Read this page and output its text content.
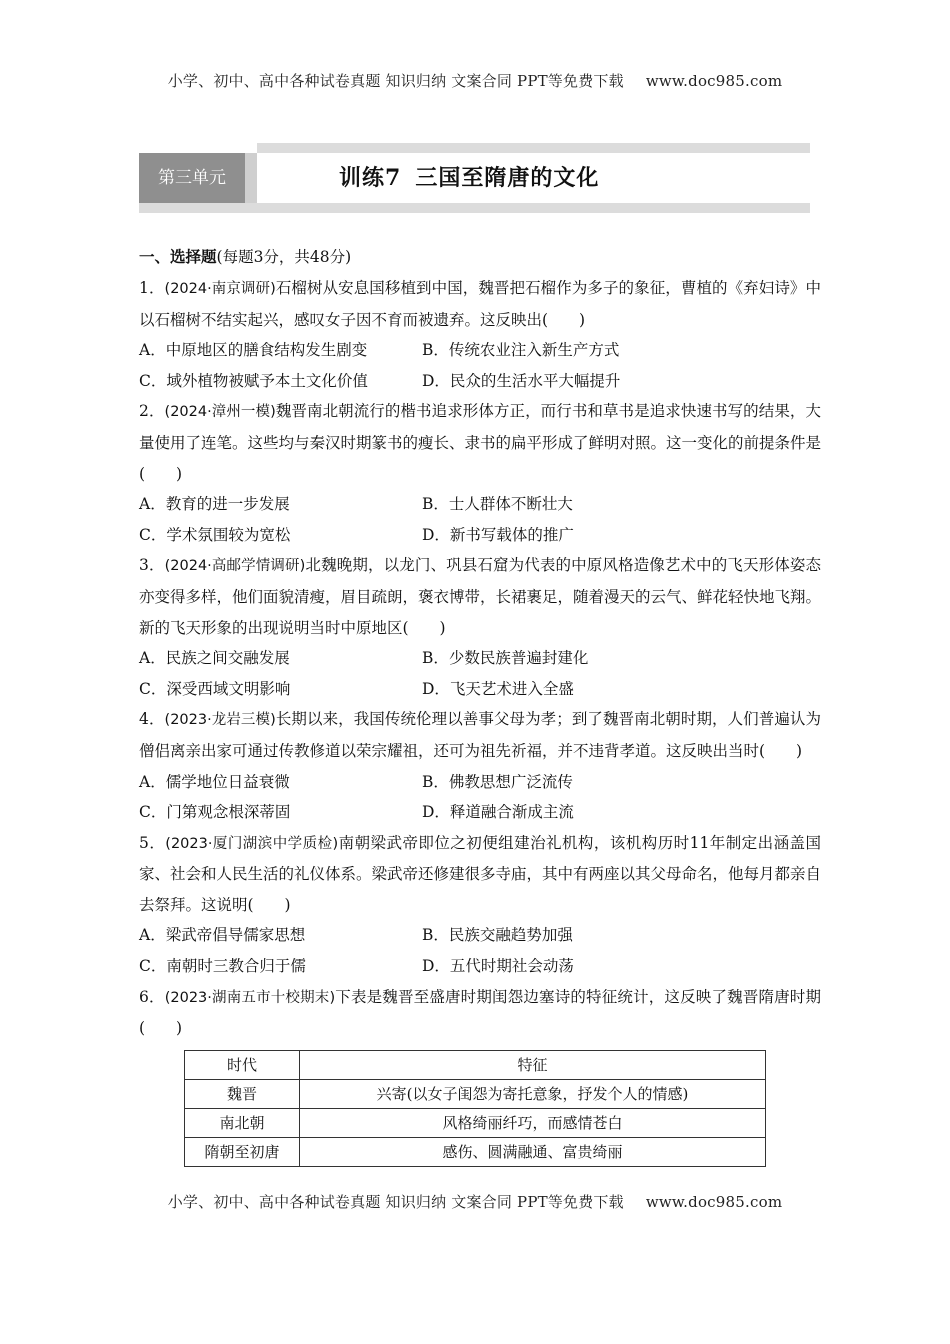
小学、初中、高中各种试卷真题 知识归纳 文案合同 PPT等免费下载 www.doc985.com
第三单元	训练7 三国至隋唐的文化
一、选择题(每题3分，共48分)
1．(2024·南京调研)石榴树从安息国移植到中国，魏晋把石榴作为多子的象征，曹植的《弃妇诗》中以石榴树不结实起兴，感叹女子因不育而被遗弃。这反映出(　　)
A．中原地区的膳食结构发生剧变	B．传统农业注入新生产方式
C．域外植物被赋予本土文化价值	D．民众的生活水平大幅提升
2．(2024·漳州一模)魏晋南北朝流行的楷书追求形体方正，而行书和草书是追求快速书写的结果，大量使用了连笔。这些均与秦汉时期篆书的瘦长、隶书的扁平形成了鲜明对照。这一变化的前提条件是(　　)
A．教育的进一步发展	B．士人群体不断壮大
C．学术氛围较为宽松	D．新书写载体的推广
3．(2024·高邮学情调研)北魏晚期，以龙门、巩县石窟为代表的中原风格造像艺术中的飞天形体姿态亦变得多样，他们面貌清瘦，眉目疏朗，褒衣博带，长裙裹足，随着漫天的云气、鲜花轻快地飞翔。新的飞天形象的出现说明当时中原地区(　　)
A．民族之间交融发展	B．少数民族普遍封建化
C．深受西域文明影响	D．飞天艺术进入全盛
4．(2023·龙岩三模)长期以来，我国传统伦理以善事父母为孝；到了魏晋南北朝时期，人们普遍认为僧侣离亲出家可通过传教修道以荣宗耀祖，还可为祖先祈福，并不违背孝道。这反映出当时(　　)
A．儒学地位日益衰微	B．佛教思想广泛流传
C．门第观念根深蒂固	D．释道融合渐成主流
5．(2023·厦门湖滨中学质检)南朝梁武帝即位之初便组建治礼机构，该机构历时11年制定出涵盖国家、社会和人民生活的礼仪体系。梁武帝还修建很多寺庙，其中有两座以其父母命名，他每月都亲自去祭拜。这说明(　　)
A．梁武帝倡导儒家思想	B．民族交融趋势加强
C．南朝时三教合归于儒	D．五代时期社会动荡
6．(2023·湖南五市十校期末)下表是魏晋至盛唐时期闺怨边塞诗的特征统计，这反映了魏晋隋唐时期(　　)
时代	特征
魏晋	兴寄(以女子闺怨为寄托意象，抒发个人的情感)
南北朝	风格绮丽纤巧，而感情苍白
隋朝至初唐	感伤、圆满融通、富贵绮丽
小学、初中、高中各种试卷真题 知识归纳 文案合同 PPT等免费下载 www.doc985.com
